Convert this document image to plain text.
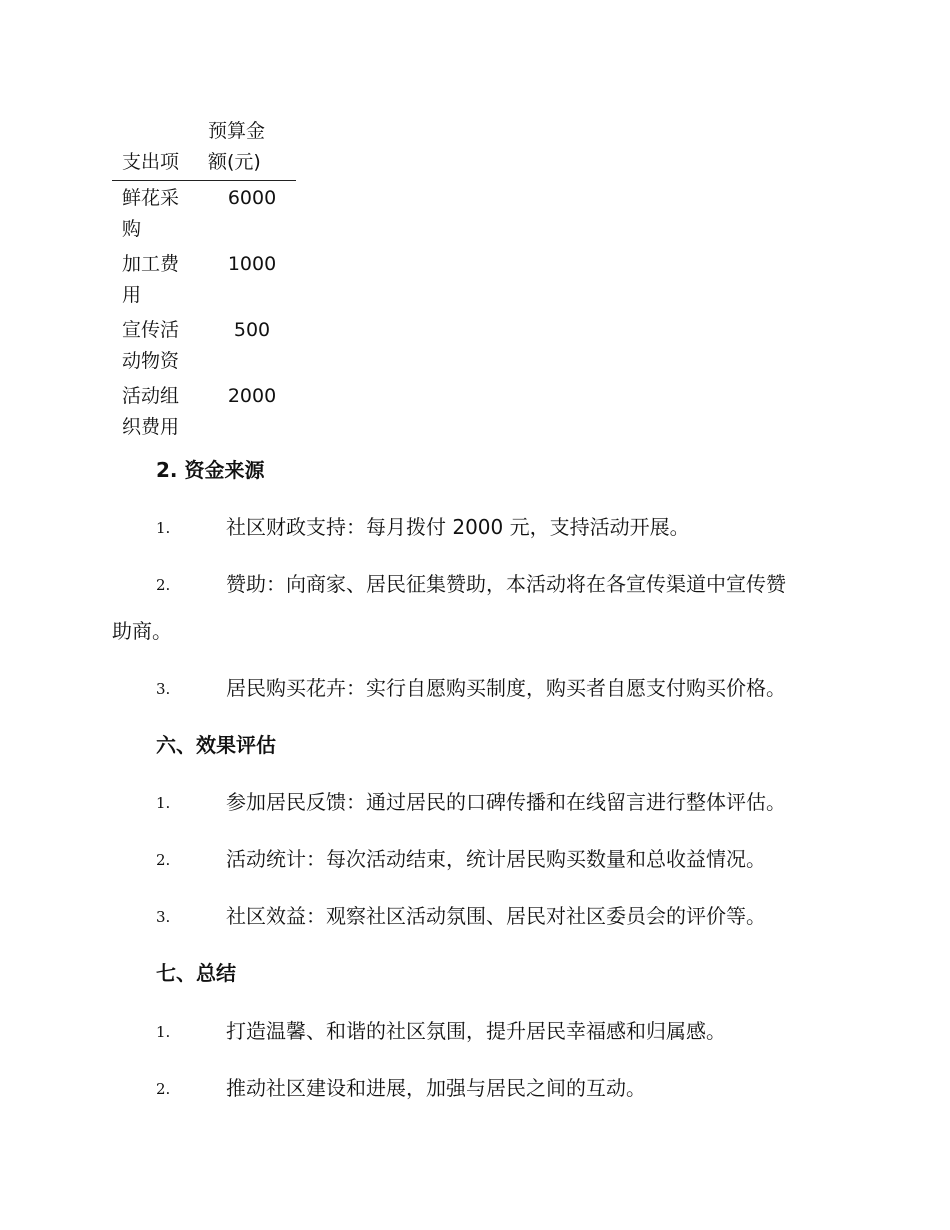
支出项	预算金
额(元)
鲜花采
购	6000
加工费
用	1000
宣传活
动物资	500
活动组
织费用	2000
2. 资金来源
1.	社区财政支持：每月拨付 2000 元，支持活动开展。
2.	赞助：向商家、居民征集赞助，本活动将在各宣传渠道中宣传赞
助商。
3.	居民购买花卉：实行自愿购买制度，购买者自愿支付购买价格。
六、效果评估
1.	参加居民反馈：通过居民的口碑传播和在线留言进行整体评估。
2.	活动统计：每次活动结束，统计居民购买数量和总收益情况。
3.	社区效益：观察社区活动氛围、居民对社区委员会的评价等。
七、总结
1.	打造温馨、和谐的社区氛围，提升居民幸福感和归属感。
2.	推动社区建设和进展，加强与居民之间的互动。
